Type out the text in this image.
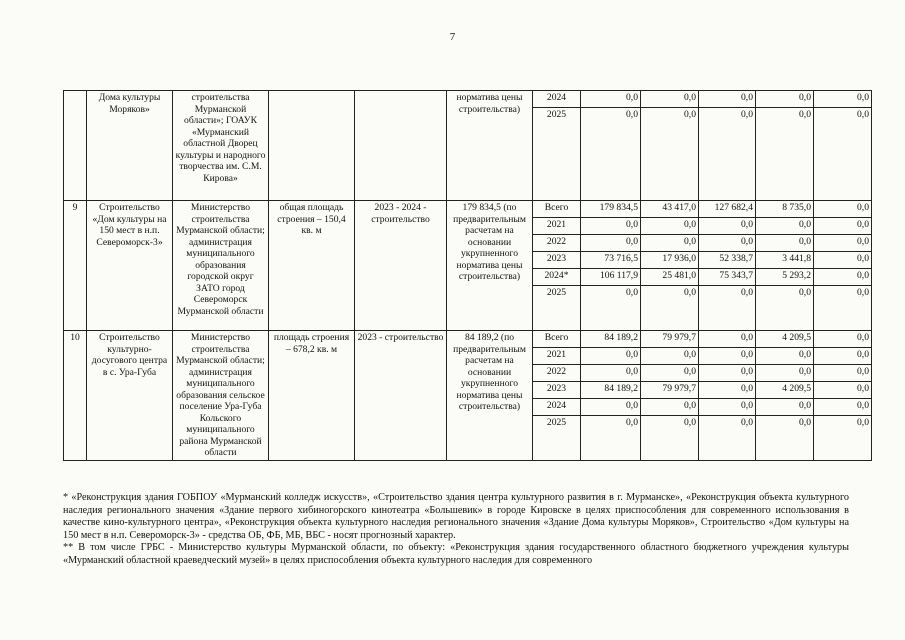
7
	Дома культуры Моряков»	строительства Мурманской области»; ГОАУК «Мурманский областной Дворец культуры и народного творчества им. С.М. Кирова»			норматива цены строительства)	2024	0,0	0,0	0,0	0,0	0,0
						2025	0,0	0,0	0,0	0,0	0,0
9	Строительство «Дом культуры на 150 мест в н.п. Североморск-3»	Министерство строительства Мурманской области; администрация муниципального образования городской округ ЗАТО город Североморск Мурманской области	общая площадь строения – 150,4 кв. м	2023 - 2024 - строительство	179 834,5 (по предварительным расчетам на основании укрупненного норматива цены строительства)	Всего	179 834,5	43 417,0	127 682,4	8 735,0	0,0
						2021	0,0	0,0	0,0	0,0	0,0
						2022	0,0	0,0	0,0	0,0	0,0
						2023	73 716,5	17 936,0	52 338,7	3 441,8	0,0
						2024*	106 117,9	25 481,0	75 343,7	5 293,2	0,0
						2025	0,0	0,0	0,0	0,0	0,0
10	Строительство культурно-досугового центра в с. Ура-Губа	Министерство строительства Мурманской области; администрация муниципального образования сельское поселение Ура-Губа Кольского муниципального района Мурманской области	площадь строения – 678,2 кв. м	2023 - строительство	84 189,2 (по предварительным расчетам на основании укрупненного норматива цены строительства)	Всего	84 189,2	79 979,7	0,0	4 209,5	0,0
						2021	0,0	0,0	0,0	0,0	0,0
						2022	0,0	0,0	0,0	0,0	0,0
						2023	84 189,2	79 979,7	0,0	4 209,5	0,0
						2024	0,0	0,0	0,0	0,0	0,0
						2025	0,0	0,0	0,0	0,0	0,0

* «Реконструкция здания ГОБПОУ «Мурманский колледж искусств», «Строительство здания центра культурного развития в г. Мурманске», «Реконструкция объекта культурного наследия регионального значения «Здание первого хибиногорского кинотеатра «Большевик» в городе Кировске в целях приспособления для современного использования в качестве кино-культурного центра», «Реконструкция объекта культурного наследия регионального значения «Здание Дома культуры Моряков», Строительство «Дом культуры на 150 мест в н.п. Североморск-3» - средства ОБ, ФБ, МБ, ВБС - носят прогнозный характер.

** В том числе ГРБС - Министерство культуры Мурманской области, по объекту: «Реконструкция здания государственного областного бюджетного учреждения культуры «Мурманский областной краеведческий музей» в целях приспособления объекта культурного наследия для современного
